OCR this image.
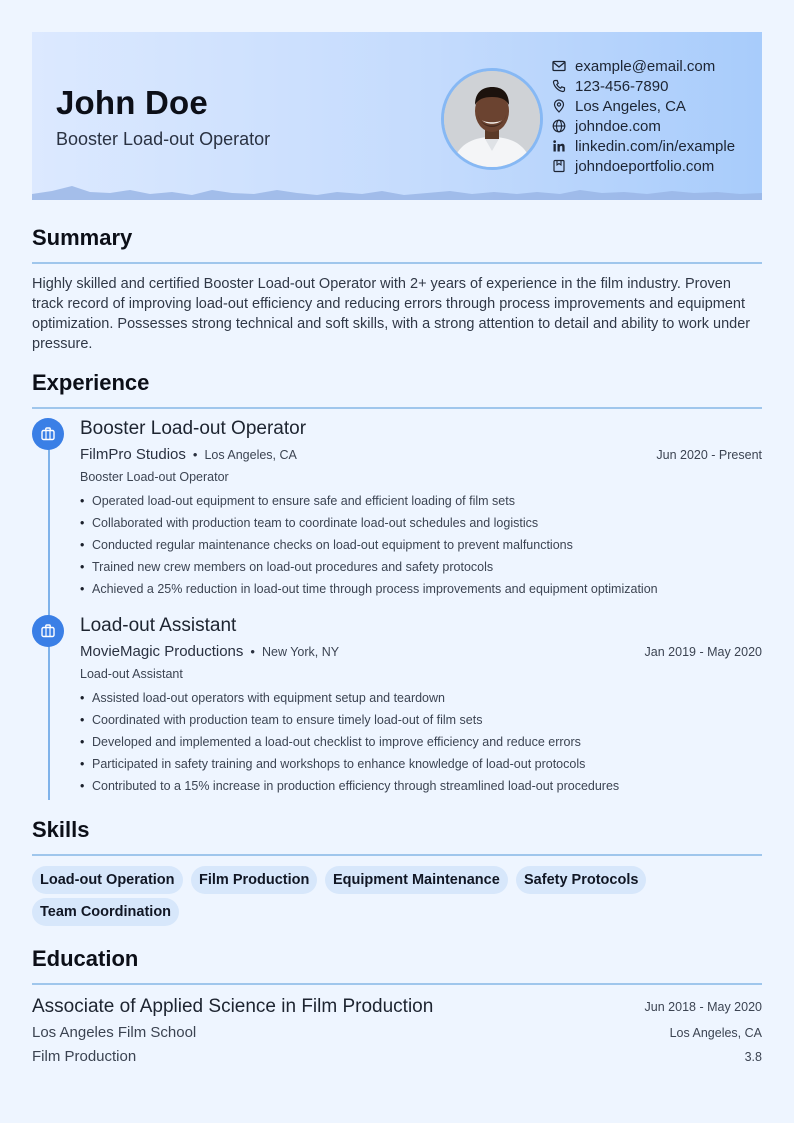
John Doe
Booster Load-out Operator
example@email.com
123-456-7890
Los Angeles, CA
johndoe.com
linkedin.com/in/example
johndoeportfolio.com
Summary
Highly skilled and certified Booster Load-out Operator with 2+ years of experience in the film industry. Proven track record of improving load-out efficiency and reducing errors through process improvements and equipment optimization. Possesses strong technical and soft skills, with a strong attention to detail and ability to work under pressure.
Experience
Booster Load-out Operator
FilmPro Studios • Los Angeles, CA	Jun 2020 - Present
Booster Load-out Operator
• Operated load-out equipment to ensure safe and efficient loading of film sets
• Collaborated with production team to coordinate load-out schedules and logistics
• Conducted regular maintenance checks on load-out equipment to prevent malfunctions
• Trained new crew members on load-out procedures and safety protocols
• Achieved a 25% reduction in load-out time through process improvements and equipment optimization
Load-out Assistant
MovieMagic Productions • New York, NY	Jan 2019 - May 2020
Load-out Assistant
• Assisted load-out operators with equipment setup and teardown
• Coordinated with production team to ensure timely load-out of film sets
• Developed and implemented a load-out checklist to improve efficiency and reduce errors
• Participated in safety training and workshops to enhance knowledge of load-out protocols
• Contributed to a 15% increase in production efficiency through streamlined load-out procedures
Skills
Load-out Operation	Film Production	Equipment Maintenance	Safety Protocols
Team Coordination
Education
Associate of Applied Science in Film Production	Jun 2018 - May 2020
Los Angeles Film School	Los Angeles, CA
Film Production	3.8
